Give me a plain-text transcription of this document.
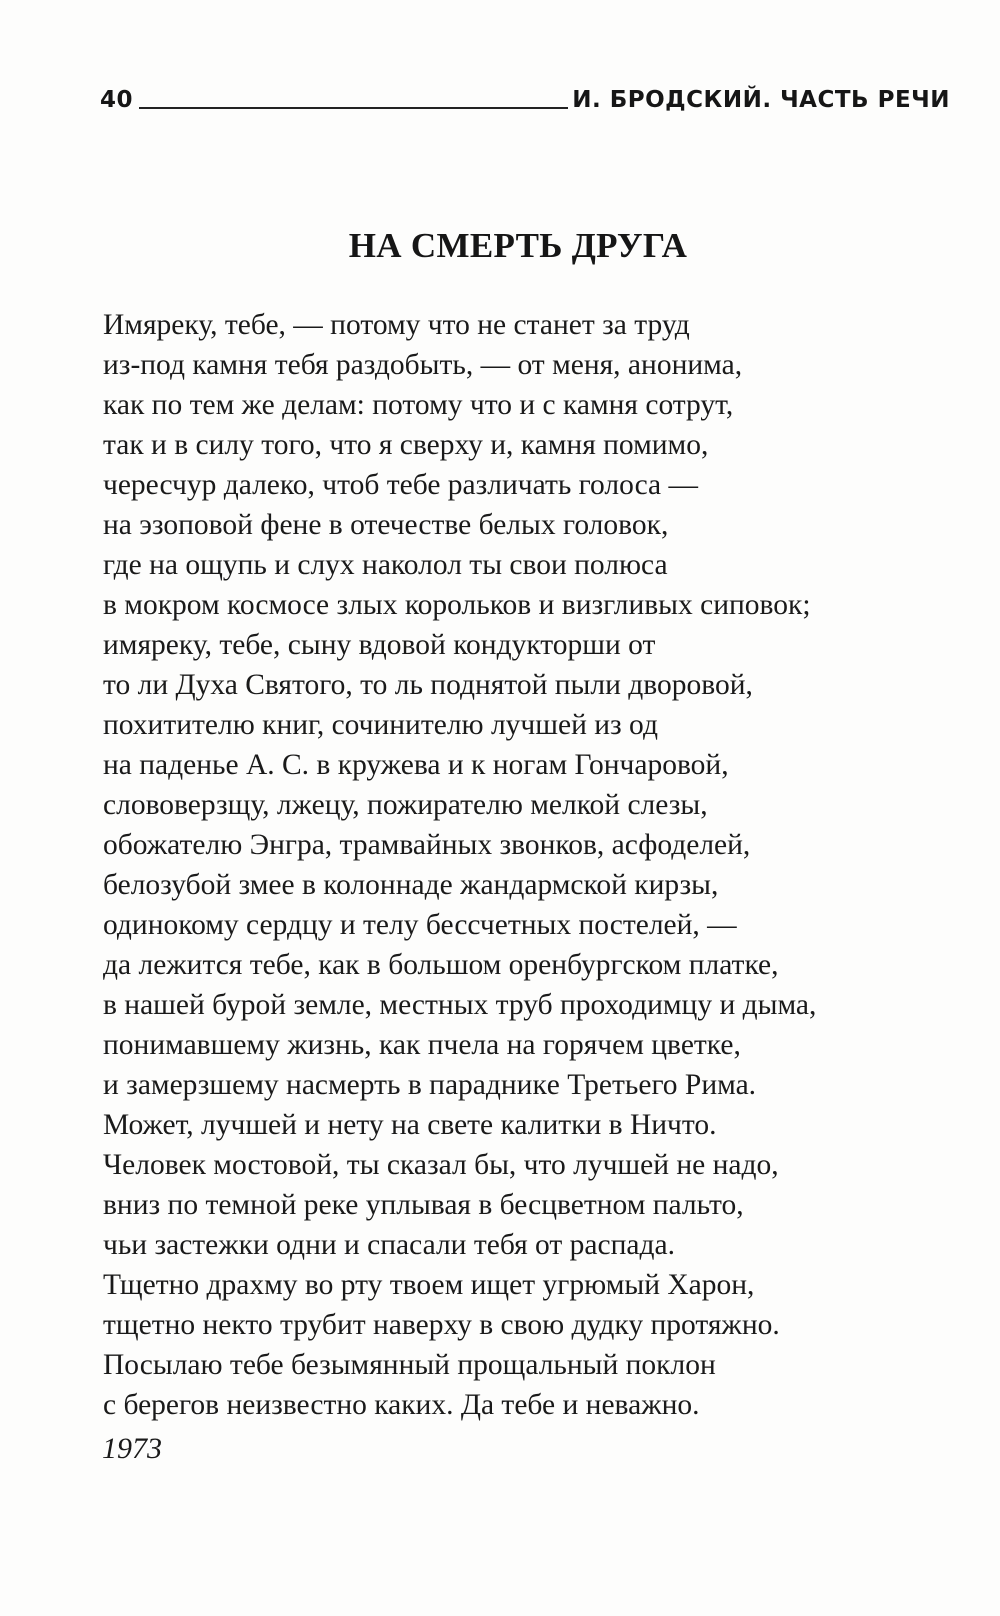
40	И. БРОДСКИЙ. ЧАСТЬ РЕЧИ
НА СМЕРТЬ ДРУГА
Имяреку, тебе, — потому что не станет за труд
из-под камня тебя раздобыть, — от меня, анонима,
как по тем же делам: потому что и с камня сотрут,
так и в силу того, что я сверху и, камня помимо,
чересчур далеко, чтоб тебе различать голоса —
на эзоповой фене в отечестве белых головок,
где на ощупь и слух наколол ты свои полюса
в мокром космосе злых корольков и визгливых сиповок;
имяреку, тебе, сыну вдовой кондукторши от
то ли Духа Святого, то ль поднятой пыли дворовой,
похитителю книг, сочинителю лучшей из од
на паденье А. С. в кружева и к ногам Гончаровой,
слововерзщу, лжецу, пожирателю мелкой слезы,
обожателю Энгра, трамвайных звонков, асфоделей,
белозубой змее в колоннаде жандармской кирзы,
одинокому сердцу и телу бессчетных постелей, —
да лежится тебе, как в большом оренбургском платке,
в нашей бурой земле, местных труб проходимцу и дыма,
понимавшему жизнь, как пчела на горячем цветке,
и замерзшему насмерть в парадникe Третьего Рима.
Может, лучшей и нету на свете калитки в Ничто.
Человек мостовой, ты сказал бы, что лучшей не надо,
вниз по темной реке уплывая в бесцветном пальто,
чьи застежки одни и спасали тебя от распада.
Тщетно драхму во рту твоем ищет угрюмый Харон,
тщетно некто трубит наверху в свою дудку протяжно.
Посылаю тебе безымянный прощальный поклон
с берегов неизвестно каких. Да тебе и неважно.
1973
